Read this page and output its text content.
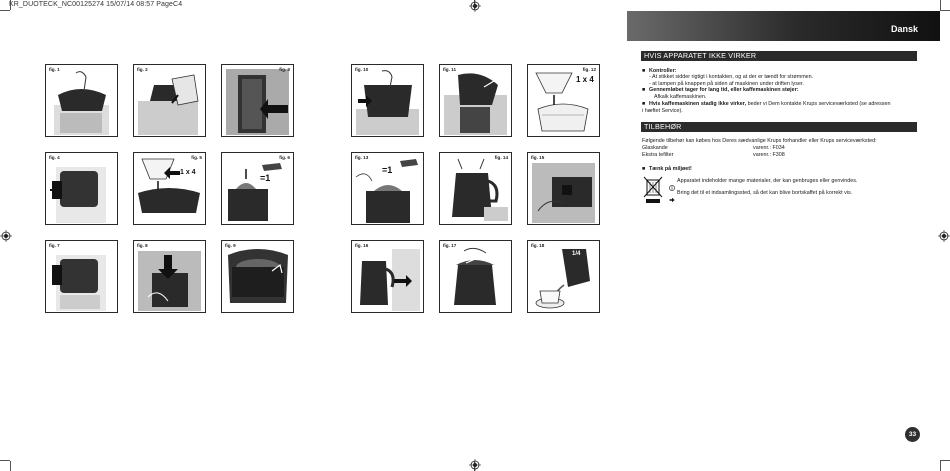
KR_DUOTECK_NC00125274 15/07/14 08:57 PageC4
fig. 1	fig. 2	fig. 3
fig. 4	fig. 5
1 x 4
fig. 6
=1
fig. 7	fig. 8	fig. 9
fig. 10	fig. 11	fig. 12
1 x 4
fig. 13
=1
fig. 14	fig. 15
fig. 16	fig. 17	fig. 18
1/4
Dansk
HVIS APPARATET IKKE VIRKER
■ Kontroller:
- At stikket sidder rigtigt i kontakten, og at der er tændt for strømmen.
- at lampen på knappen på siden af maskinen under driften lyser.
■ Gennemløbet tager for lang tid, eller kaffemaskinen støjer:
Afkalk kaffemaskinen.
■ Hvis kaffemaskinen stadig ikke virker, beder vi Dem kontakte Krups serviceværksted (se adressen
i hæftet Service).
TILBEHØR
Følgende tilbehør kan købes hos Deres sædvanlige Krups forhandler eller Krups serviceværksted:
Glaskande	varenr.: F034
Ekstra tefilter	varenr.: F308
■ Tænk på miljøet!
Apparatet indeholder mange materialer, der kan genbruges eller genvindes.
Bring det til et indsamlingssted, så det kan blive bortskaffet på korrekt vis.
33
